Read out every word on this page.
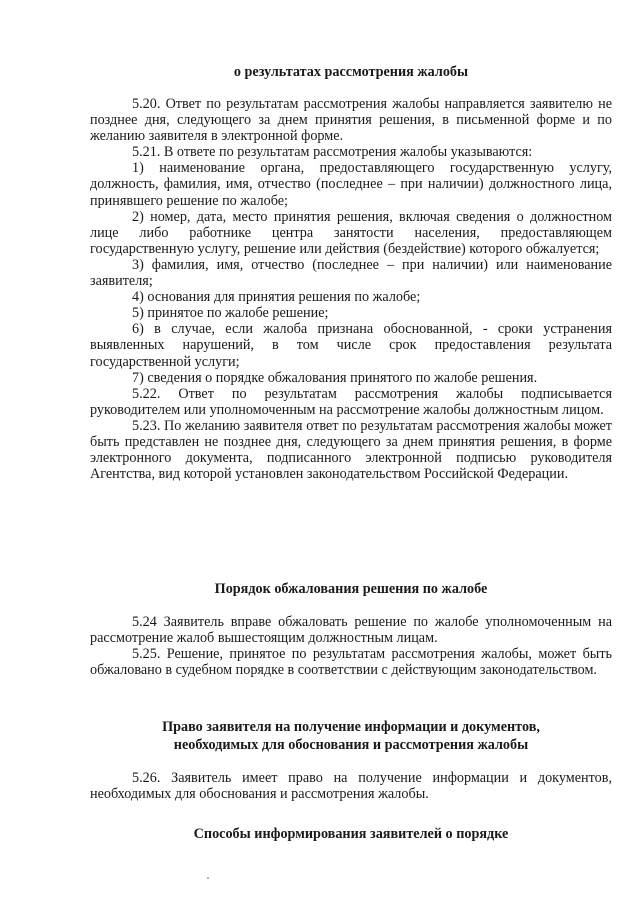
о результатах рассмотрения жалобы

5.20. Ответ по результатам рассмотрения жалобы направляется заявителю не позднее дня, следующего за днем принятия решения, в письменной форме и по желанию заявителя в электронной форме.

5.21. В ответе по результатам рассмотрения жалобы указываются:

1) наименование органа, предоставляющего государственную услугу, должность, фамилия, имя, отчество (последнее – при наличии) должностного лица, принявшего решение по жалобе;

2) номер, дата, место принятия решения, включая сведения о должностном лице либо работнике центра занятости населения, предоставляющем государственную услугу, решение или действия (бездействие) которого обжалуется;

3) фамилия, имя, отчество (последнее – при наличии) или наименование заявителя;

4) основания для принятия решения по жалобе;

5) принятое по жалобе решение;

6) в случае, если жалоба признана обоснованной, - сроки устранения выявленных нарушений, в том числе срок предоставления результата государственной услуги;

7) сведения о порядке обжалования принятого по жалобе решения.

5.22. Ответ по результатам рассмотрения жалобы подписывается руководителем или уполномоченным на рассмотрение жалобы должностным лицом.

5.23. По желанию заявителя ответ по результатам рассмотрения жалобы может быть представлен не позднее дня, следующего за днем принятия решения, в форме электронного документа, подписанного электронной подписью руководителя Агентства, вид которой установлен законодательством Российской Федерации.

Порядок обжалования решения по жалобе

5.24 Заявитель вправе обжаловать решение по жалобе уполномоченным на рассмотрение жалоб вышестоящим должностным лицам.

5.25. Решение, принятое по результатам рассмотрения жалобы, может быть обжаловано в судебном порядке в соответствии с действующим законодательством.

Право заявителя на получение информации и документов,

необходимых для обоснования и рассмотрения жалобы

5.26. Заявитель имеет право на получение информации и документов, необходимых для обоснования и рассмотрения жалобы.

Способы информирования заявителей о порядке
